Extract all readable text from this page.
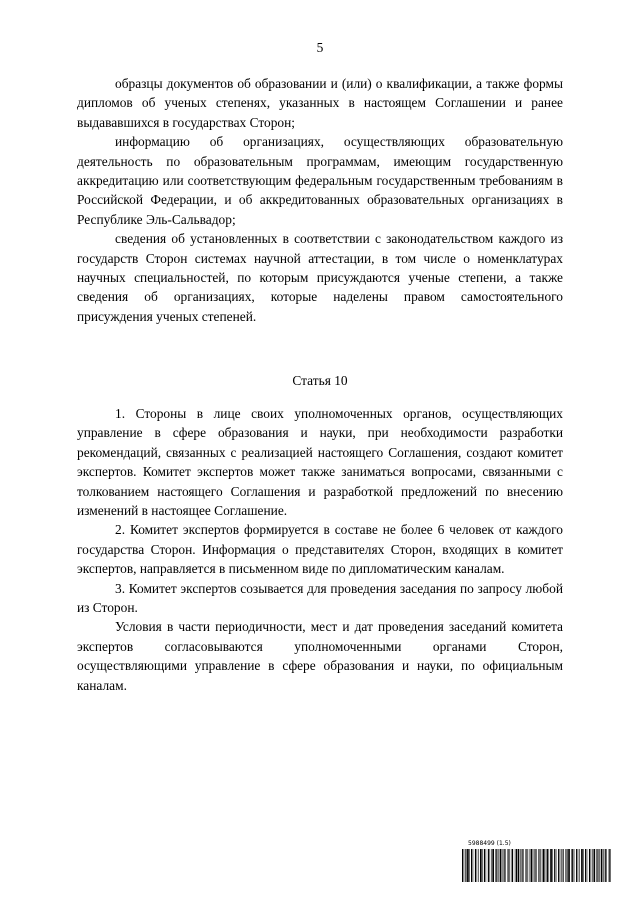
5

образцы документов об образовании и (или) о квалификации, а также формы дипломов об ученых степенях, указанных в настоящем Соглашении и ранее выдававшихся в государствах Сторон;

информацию об организациях, осуществляющих образовательную деятельность по образовательным программам, имеющим государственную аккредитацию или соответствующим федеральным государственным требованиям в Российской Федерации, и об аккредитованных образовательных организациях в Республике Эль-Сальвадор;

сведения об установленных в соответствии с законодательством каждого из государств Сторон системах научной аттестации, в том числе о номенклатурах научных специальностей, по которым присуждаются ученые степени, а также сведения об организациях, которые наделены правом самостоятельного присуждения ученых степеней.

Статья 10

1. Стороны в лице своих уполномоченных органов, осуществляющих управление в сфере образования и науки, при необходимости разработки рекомендаций, связанных с реализацией настоящего Соглашения, создают комитет экспертов. Комитет экспертов может также заниматься вопросами, связанными с толкованием настоящего Соглашения и разработкой предложений по внесению изменений в настоящее Соглашение.

2. Комитет экспертов формируется в составе не более 6 человек от каждого государства Сторон. Информация о представителях Сторон, входящих в комитет экспертов, направляется в письменном виде по дипломатическим каналам.

3. Комитет экспертов созывается для проведения заседания по запросу любой из Сторон.

Условия в части периодичности, мест и дат проведения заседаний комитета экспертов согласовываются уполномоченными органами Сторон, осуществляющими управление в сфере образования и науки, по официальным каналам.

5988499 (1.5)
